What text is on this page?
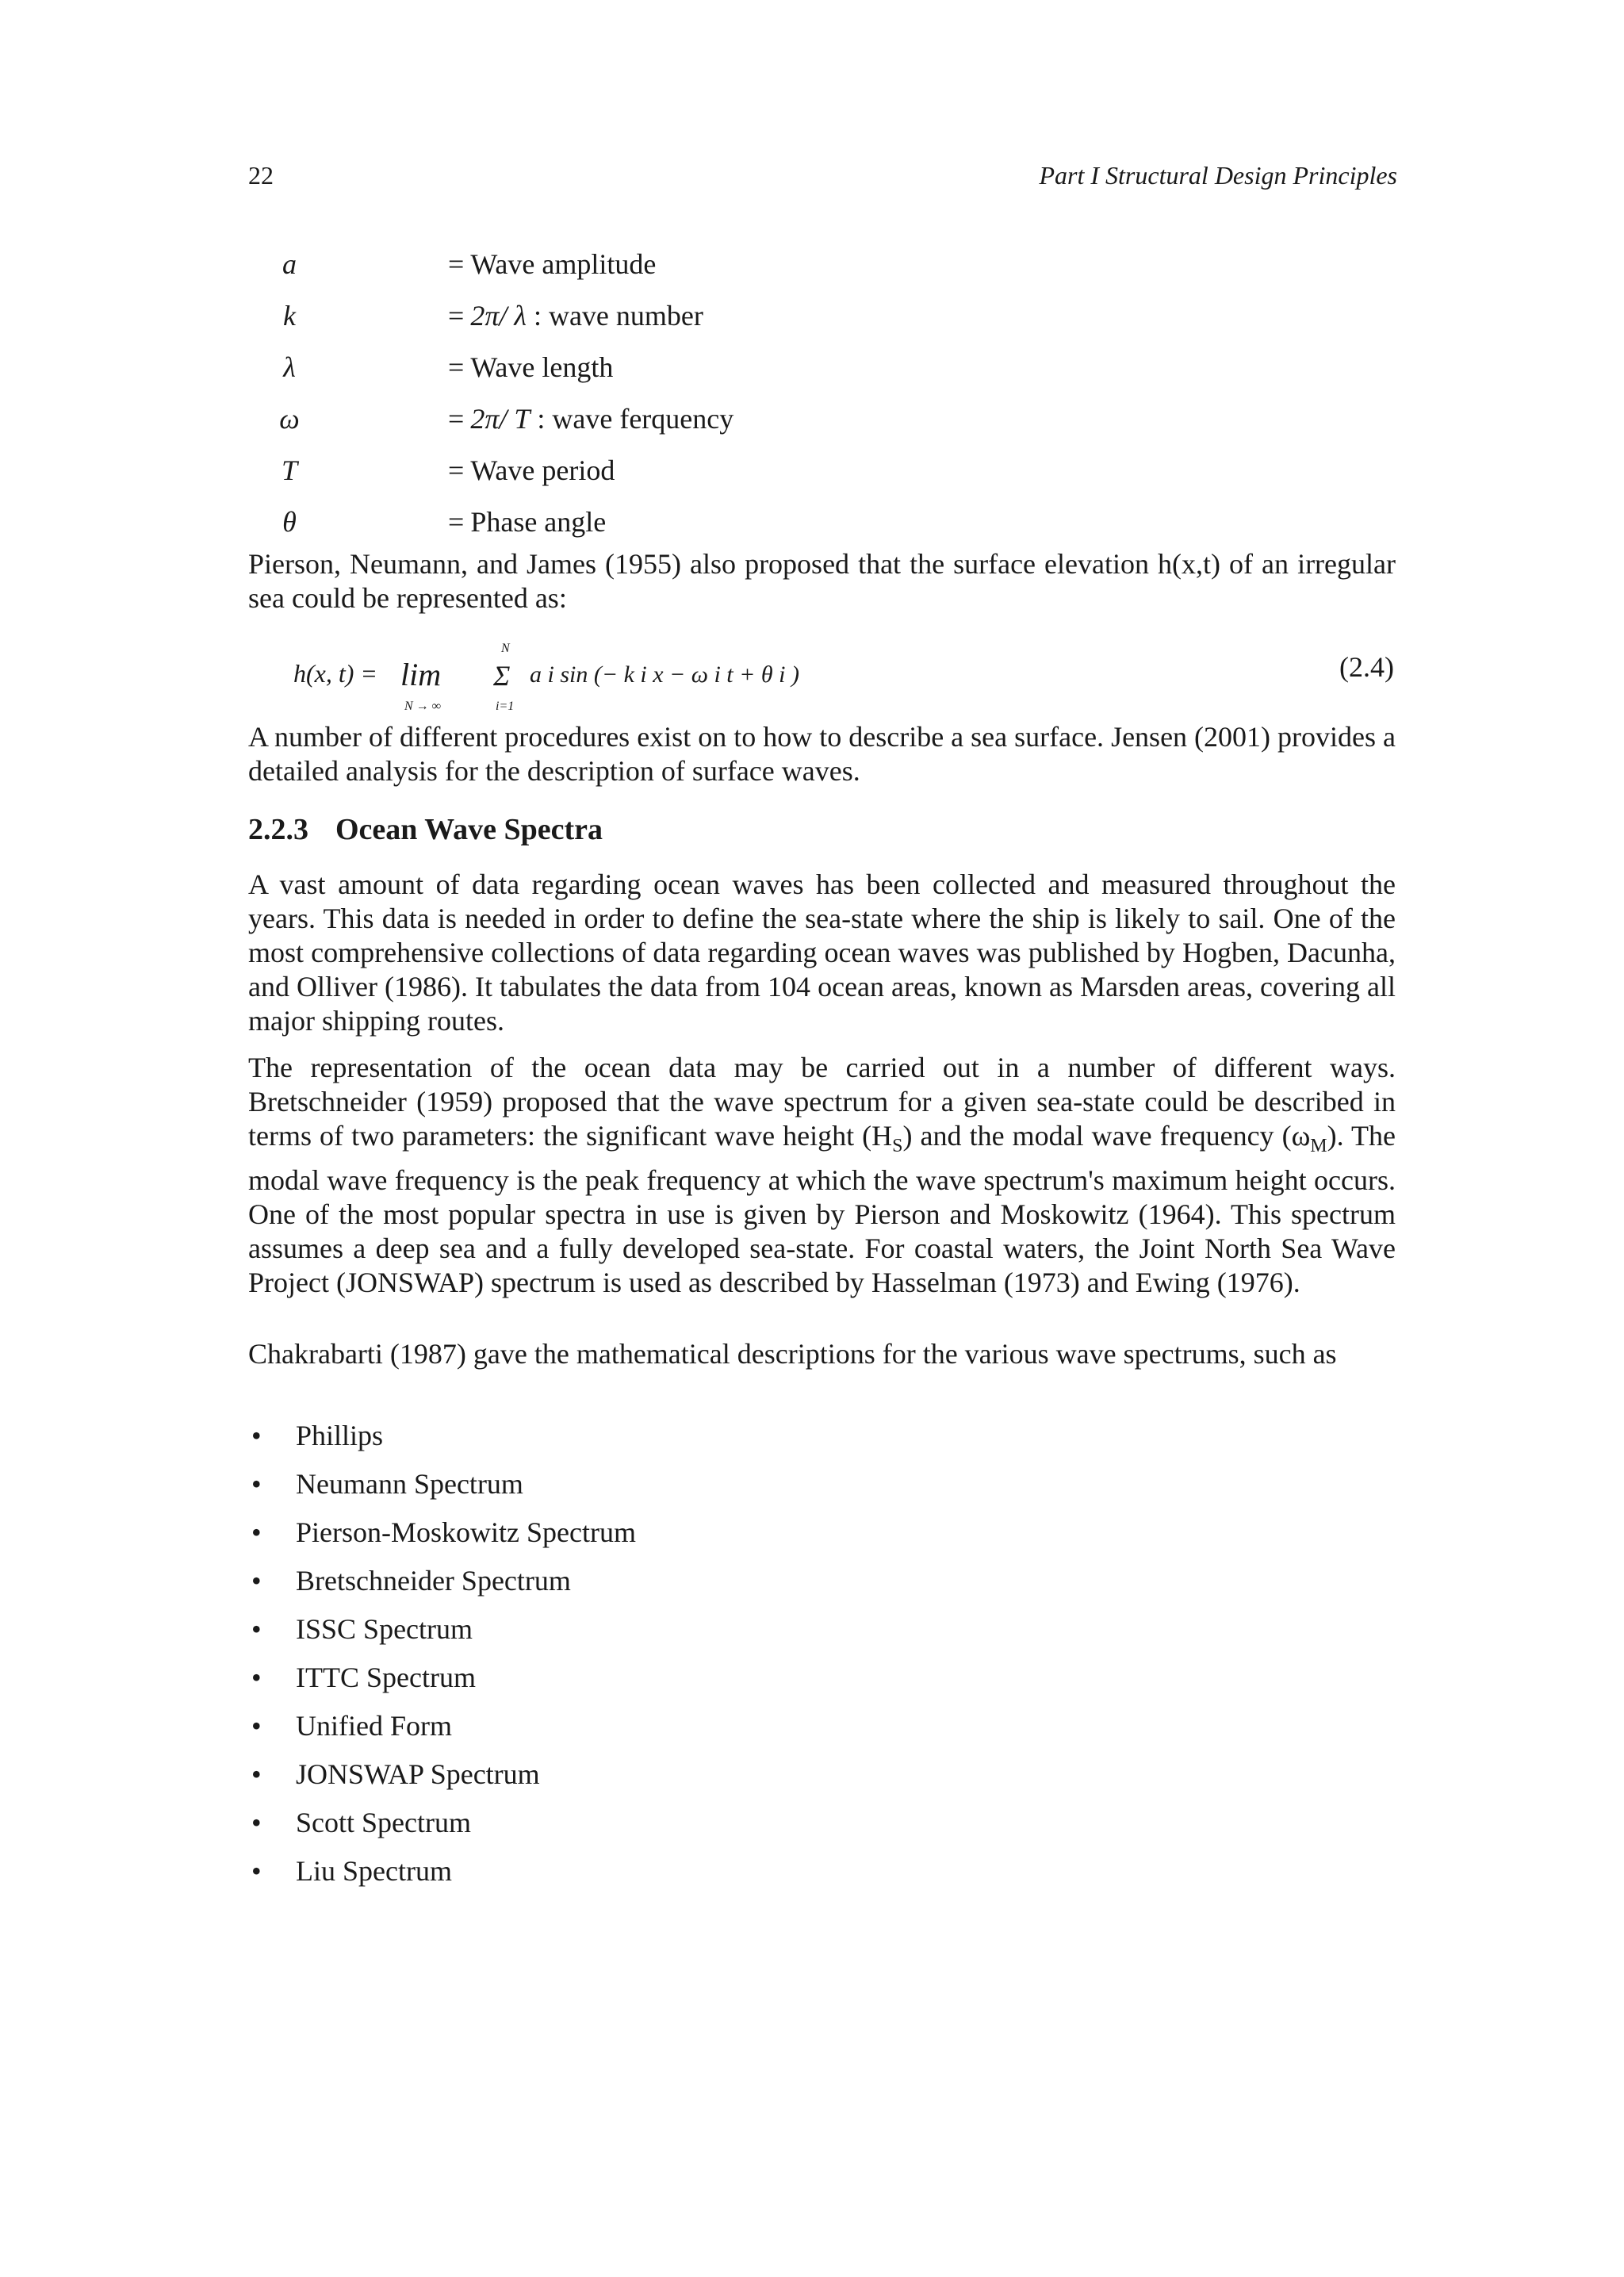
22	Part I Structural Design Principles
a	= Wave amplitude
k	= 2π/ λ : wave number
λ	= Wave length
ω	= 2π/ T : wave ferquency
T	= Wave period
θ	= Phase angle
Pierson, Neumann, and James (1955) also proposed that the surface elevation h(x,t) of an irregular sea could be represented as:
h(x, t) = lim
N → ∞
N
Σ
i=1
a i sin (− k i x − ω i t + θ i )	(2.4)
A number of different procedures exist on to how to describe a sea surface. Jensen (2001) provides a detailed analysis for the description of surface waves.
2.2.3 Ocean Wave Spectra
A vast amount of data regarding ocean waves has been collected and measured throughout the years. This data is needed in order to define the sea-state where the ship is likely to sail. One of the most comprehensive collections of data regarding ocean waves was published by Hogben, Dacunha, and Olliver (1986). It tabulates the data from 104 ocean areas, known as Marsden areas, covering all major shipping routes.
The representation of the ocean data may be carried out in a number of different ways. Bretschneider (1959) proposed that the wave spectrum for a given sea-state could be described in terms of two parameters: the significant wave height $(H_S)$ and the modal wave frequency $(\omega_M)$. The modal wave frequency is the peak frequency at which the wave spectrum's maximum height occurs. One of the most popular spectra in use is given by Pierson and Moskowitz (1964). This spectrum assumes a deep sea and a fully developed sea-state. For coastal waters, the Joint North Sea Wave Project (JONSWAP) spectrum is used as described by Hasselman (1973) and Ewing (1976).
Chakrabarti (1987) gave the mathematical descriptions for the various wave spectrums, such as
• Phillips
• Neumann Spectrum
• Pierson-Moskowitz Spectrum
• Bretschneider Spectrum
• ISSC Spectrum
• ITTC Spectrum
• Unified Form
• JONSWAP Spectrum
• Scott Spectrum
• Liu Spectrum
